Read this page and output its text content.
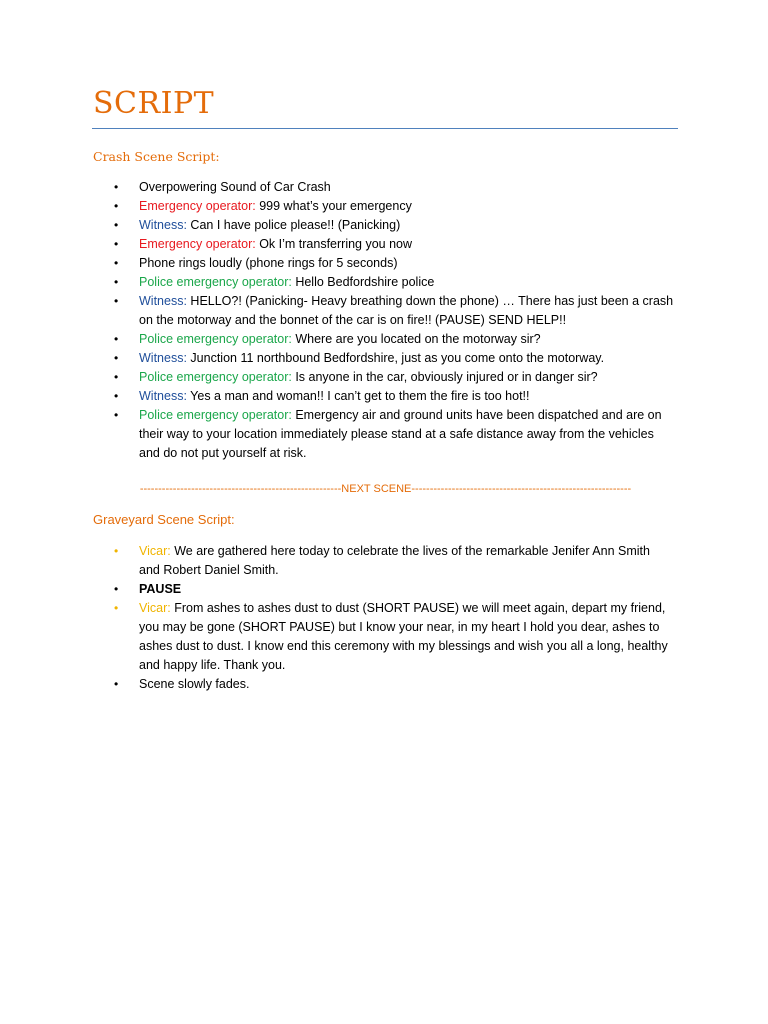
SCRIPT
Crash Scene Script:
• Overpowering Sound of Car Crash
• Emergency operator: 999 what’s your emergency
• Witness: Can I have police please!! (Panicking)
• Emergency operator: Ok I’m transferring you now
• Phone rings loudly (phone rings for 5 seconds)
• Police emergency operator: Hello Bedfordshire police
• Witness: HELLO?! (Panicking- Heavy breathing down the phone) … There has just been a crash on the motorway and the bonnet of the car is on fire!! (PAUSE) SEND HELP!!
• Police emergency operator: Where are you located on the motorway sir?
• Witness: Junction 11 northbound Bedfordshire, just as you come onto the motorway.
• Police emergency operator: Is anyone in the car, obviously injured or in danger sir?
• Witness: Yes a man and woman!! I can’t get to them the fire is too hot!!
• Police emergency operator: Emergency air and ground units have been dispatched and are on their way to your location immediately please stand at a safe distance away from the vehicles and do not put yourself at risk.
-------------------------------------------------------NEXT SCENE------------------------------------------------------------
Graveyard Scene Script:
• Vicar: We are gathered here today to celebrate the lives of the remarkable Jenifer Ann Smith and Robert Daniel Smith.
• PAUSE
• Vicar: From ashes to ashes dust to dust (SHORT PAUSE) we will meet again, depart my friend, you may be gone (SHORT PAUSE) but I know your near, in my heart I hold you dear, ashes to ashes dust to dust. I know end this ceremony with my blessings and wish you all a long, healthy and happy life. Thank you.
• Scene slowly fades.
